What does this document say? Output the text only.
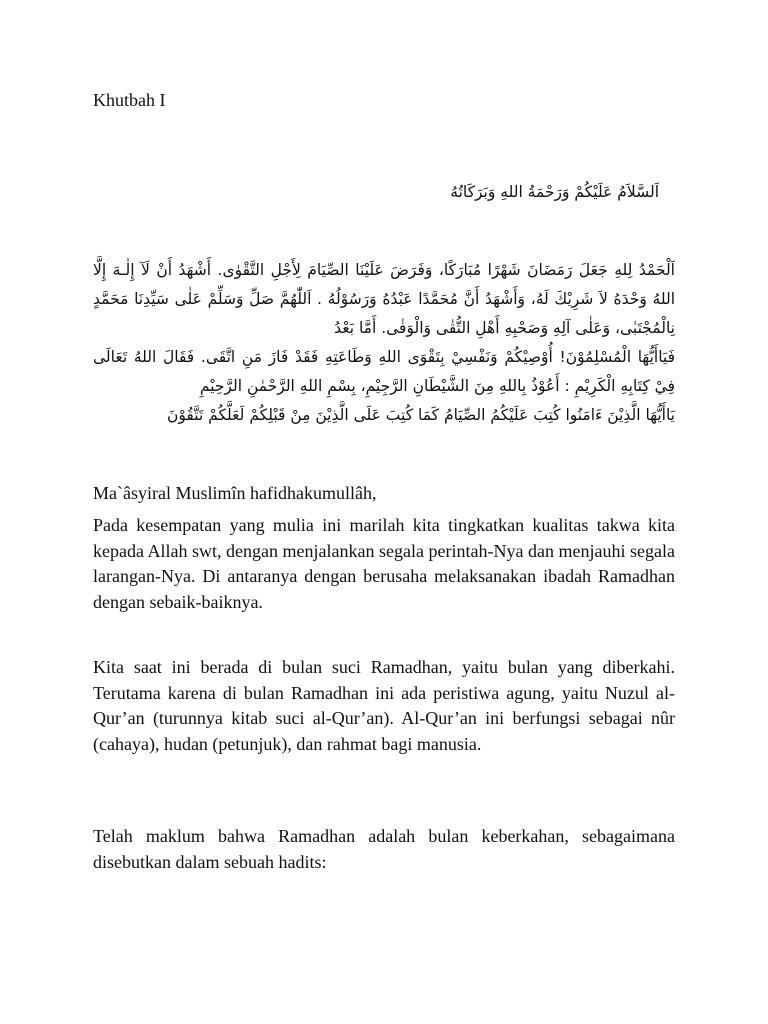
Khutbah I
اَلسَّلاَمُ عَلَيْكُمْ وَرَحْمَةُ اللهِ وَبَرَكَاتُهُ
اَلْحَمْدُ لِلهِ جَعَلَ رَمَضَانَ شَهْرًا مُبَارَكًا، وَفَرَضَ عَلَيْنَا الصِّيَامَ لِأَجْلِ التَّقْوٰى. أَشْهَدُ أَنْ لَآ إِلٰـهَ إِلَّا اللهُ وَحْدَهُ لاَ شَرِيْكَ لَهُ، وَأَشْهَدُ أَنَّ مُحَمَّدًا عَبْدُهُ وَرَسُوْلُهُ . اَللّٰهُمَّ صَلِّ وَسَلِّمْ عَلٰى سَيِّدِنَا مَحَمَّدٍ نِالْمُجْتَبٰى، وَعَلٰى آلِهِ وَصَحْبِهِ أَهْلِ التُّقٰى وَالْوَفٰى. أَمَّا بَعْدُ
فَيَاأَيُّهَا الْمُسْلِمُوْنَ! أُوْصِيْكُمْ وَنَفْسِيْ بِتَقْوَى اللهِ وَطَاعَتِهِ فَقَدْ فَازَ مَنِ اتَّقَى. فَقَالَ اللهُ تَعَالَى فِيْ كِتَابِهِ الْكَرِيْمِ : أَعُوْذُ بِاللهِ مِنَ الشَّيْطَانِ الرَّجِيْمِ، بِسْمِ اللهِ الرَّحْمٰنِ الرَّحِيْمِ
يَاأَيُّهَا الَّذِيْنَ ءَامَنُوا كُتِبَ عَلَيْكُمُ الصِّيَامُ كَمَا كُتِبَ عَلَى الَّذِيْنَ مِنْ قَبْلِكُمْ لَعَلَّكُمْ تَتَّقُوْنَ
Ma`âsyiral Muslimîn hafidhakumullâh,
Pada kesempatan yang mulia ini marilah kita tingkatkan kualitas takwa kita kepada Allah swt, dengan menjalankan segala perintah-Nya dan menjauhi segala larangan-Nya. Di antaranya dengan berusaha melaksanakan ibadah Ramadhan dengan sebaik-baiknya.
Kita saat ini berada di bulan suci Ramadhan, yaitu bulan yang diberkahi. Terutama karena di bulan Ramadhan ini ada peristiwa agung, yaitu Nuzul al-Qur’an (turunnya kitab suci al-Qur’an). Al-Qur’an ini berfungsi sebagai nûr (cahaya), hudan (petunjuk), dan rahmat bagi manusia.
Telah maklum bahwa Ramadhan adalah bulan keberkahan, sebagaimana disebutkan dalam sebuah hadits:
